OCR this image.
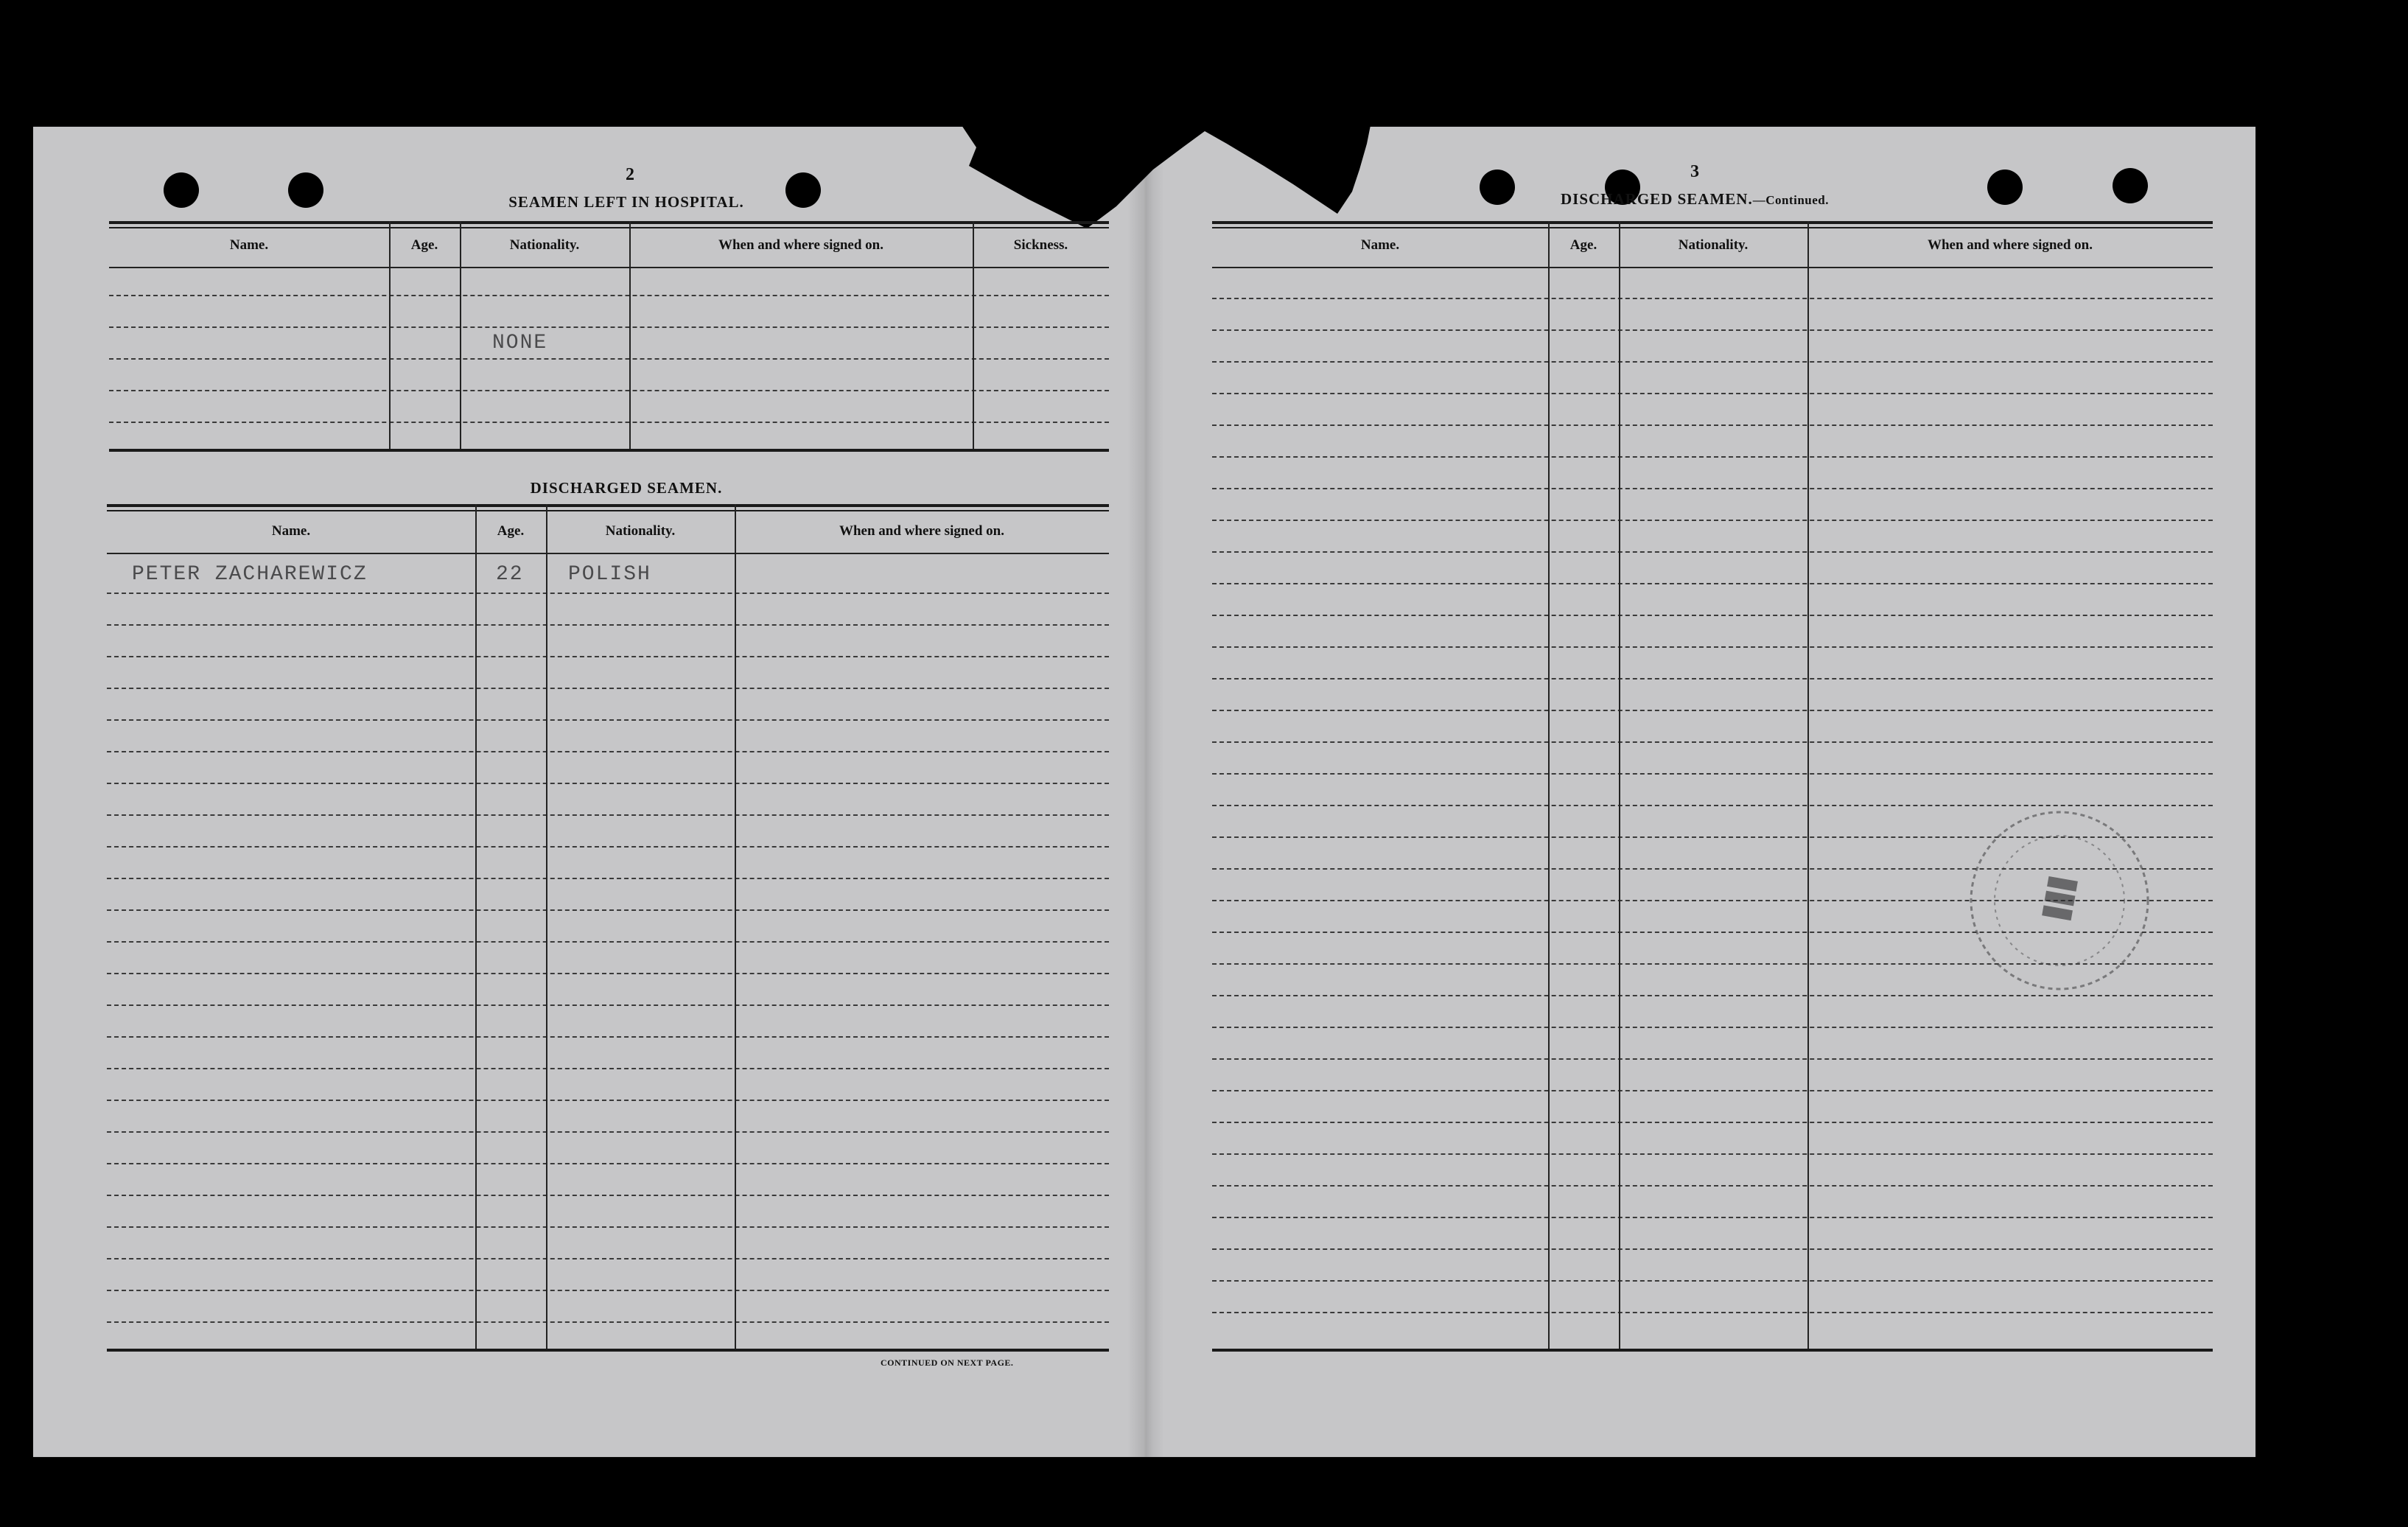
2
SEAMEN LEFT IN HOSPITAL.
Name.	Age.	Nationality.	When and where signed on.	Sickness.
NONE
DISCHARGED SEAMEN.
Name.	Age.	Nationality.	When and where signed on.
PETER ZACHAREWICZ	22 POLISH
CONTINUED ON NEXT PAGE.
3
DISCHARGED SEAMEN.—Continued.
Name.	Age.	Nationality.	When and where signed on.
